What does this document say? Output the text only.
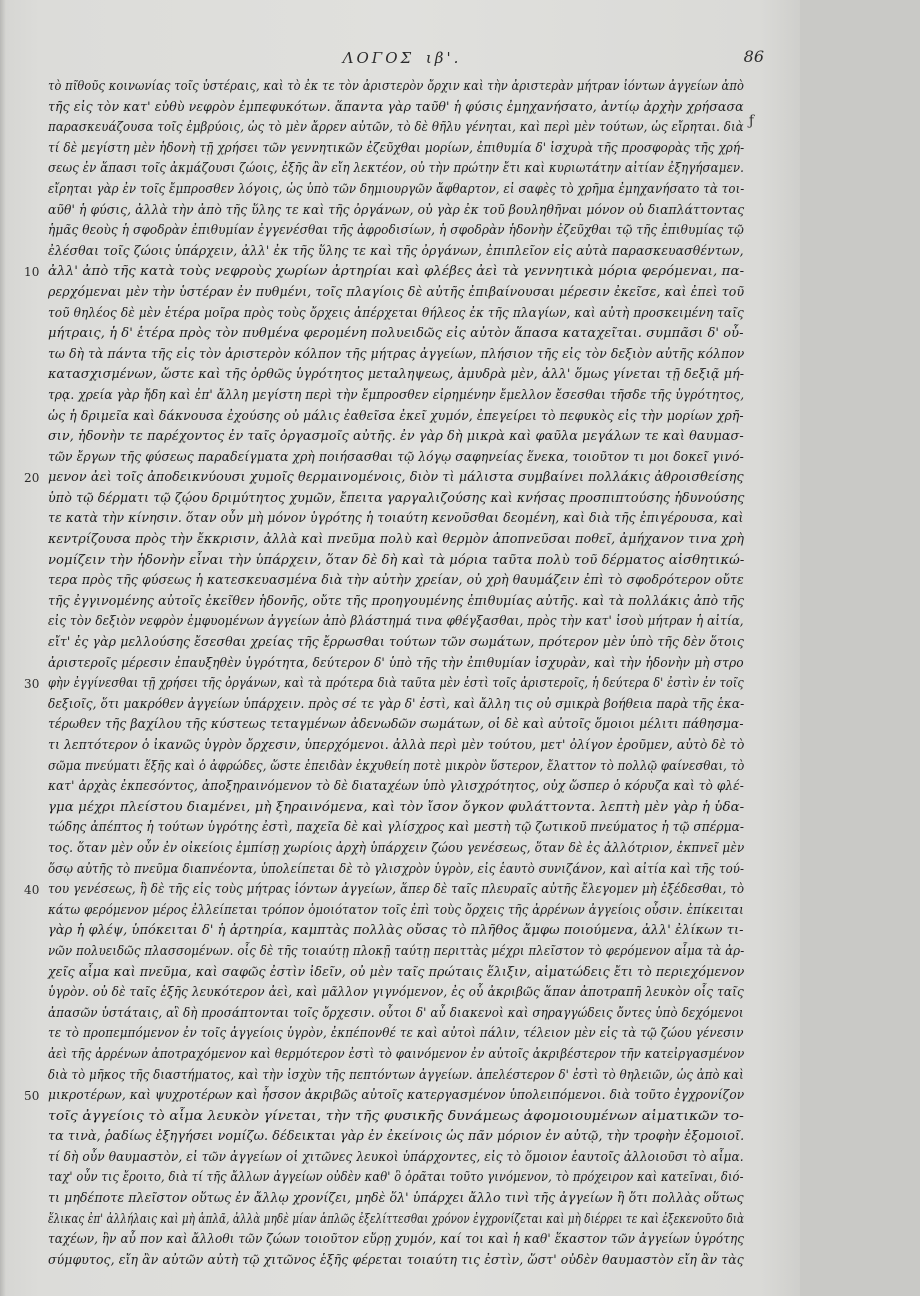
ΛΟΓΟΣ ιβ'.	86
ƒ
τὸ πῖθοῦς κοινωνίας τοῖς ὑστέραις, καὶ τὸ ἐκ τε τὸν ἀριστερὸν ὄρχιν καὶ τὴν ἀριστερὰν μήτραν ἰόντων ἀγγείων ἀπὸ
τῆς εἰς τὸν κατ' εὐθὺ νεφρὸν ἐμπεφυκότων. ἅπαντα γὰρ ταῦθ' ἡ φύσις ἐμηχανήσατο, ἀντίῳ ἀρχὴν χρήσασα
παρασκευάζουσα τοῖς ἐμβρύοις, ὡς τὸ μὲν ἄρρεν αὐτῶν, τὸ δὲ θῆλυ γένηται, καὶ περὶ μὲν τούτων, ὡς εἴρηται. διὰ
τί δὲ μεγίστη μὲν ἡδονὴ τῇ χρήσει τῶν γεννητικῶν ἐζεῦχθαι μορίων, ἐπιθυμία δ' ἰσχυρὰ τῆς προσφορὰς τῆς χρή-
σεως ἐν ἅπασι τοῖς ἀκμάζουσι ζώοις, ἐξῆς ἂν εἴη λεκτέον, οὐ τὴν πρώτην ἔτι καὶ κυριωτάτην αἰτίαν ἐξηγήσαμεν.
εἴρηται γὰρ ἐν τοῖς ἔμπροσθεν λόγοις, ὡς ὑπὸ τῶν δημιουργῶν ἄφθαρτον, εἰ σαφὲς τὸ χρῆμα ἐμηχανήσατο τὰ τοι-
αῦθ' ἡ φύσις, ἀλλὰ τὴν ἀπὸ τῆς ὕλης τε καὶ τῆς ὀργάνων, οὐ γὰρ ἐκ τοῦ βουληθῆναι μόνον οὐ διαπλάττοντας
ἡμᾶς θεοὺς ἡ σφοδρὰν ἐπιθυμίαν ἐγγενέσθαι τῆς ἀφροδισίων, ἡ σφοδρὰν ἡδονὴν ἐζεῦχθαι τῷ τῆς ἐπιθυμίας τῷ
ἐλέσθαι τοῖς ζώοις ὑπάρχειν, ἀλλ' ἐκ τῆς ὕλης τε καὶ τῆς ὀργάνων, ἐπιπλεῖον εἰς αὐτὰ παρασκευασθέντων,
10 ἀλλ' ἀπὸ τῆς κατὰ τοὺς νεφροὺς χωρίων ἀρτηρίαι καὶ φλέβες ἀεὶ τὰ γεννητικὰ μόρια φερόμεναι, πα-
ρερχόμεναι μὲν τὴν ὑστέραν ἐν πυθμένι, τοῖς πλαγίοις δὲ αὐτῆς ἐπιβαίνουσαι μέρεσιν ἐκεῖσε, καὶ ἐπεὶ τοῦ
τοῦ θηλέος δὲ μὲν ἑτέρα μοῖρα πρὸς τοὺς ὄρχεις ἀπέρχεται θήλεος ἐκ τῆς πλαγίων, καὶ αὐτὴ προσκειμένη ταῖς
μήτραις, ἡ δ' ἑτέρα πρὸς τὸν πυθμένα φερομένη πολυειδῶς εἰς αὐτὸν ἅπασα καταχεῖται. συμπᾶσι δ' οὖ-
τω δὴ τὰ πάντα τῆς εἰς τὸν ἀριστερὸν κόλπον τῆς μήτρας ἀγγείων, πλήσιον τῆς εἰς τὸν δεξιὸν αὐτῆς κόλπον
κατασχισμένων, ὥστε καὶ τῆς ὀρθῶς ὑγρότητος μεταληψεως, ἀμυδρὰ μὲν, ἀλλ' ὅμως γίνεται τῇ δεξιᾷ μή-
τρᾳ. χρεία γὰρ ἤδη καὶ ἐπ' ἄλλη μεγίστη περὶ τὴν ἔμπροσθεν εἰρημένην ἔμελλον ἔσεσθαι τῆσδε τῆς ὑγρότητος,
ὡς ἡ δριμεῖα καὶ δάκνουσα ἐχούσης οὐ μάλις ἐαθεῖσα ἐκεῖ χυμόν, ἐπεγείρει τὸ πεφυκὸς εἰς τὴν μορίων χρῆ-
σιν, ἡδονὴν τε παρέχοντος ἐν ταῖς ὀργασμοῖς αὐτῆς. ἐν γὰρ δὴ μικρὰ καὶ φαῦλα μεγάλων τε καὶ θαυμασ-
τῶν ἔργων τῆς φύσεως παραδείγματα χρὴ ποιήσασθαι τῷ λόγῳ σαφηνείας ἕνεκα, τοιοῦτον τι μοι δοκεῖ γινό-
20 μενον ἀεὶ τοῖς ἀποδεικνύουσι χυμοῖς θερμαινομένοις, διὸν τὶ μάλιστα συμβαίνει πολλάκις ἀθροισθείσης
ὑπὸ τῷ δέρματι τῷ ζῴου δριμύτητος χυμῶν, ἔπειτα γαργαλιζούσης καὶ κνήσας προσπιπτούσης ἡδυνούσης
τε κατὰ τὴν κίνησιν. ὅταν οὖν μὴ μόνον ὑγρότης ἡ τοιαύτη κενοῦσθαι δεομένη, καὶ διὰ τῆς ἐπιγέρουσα, καὶ
κεντρίζουσα πρὸς τὴν ἔκκρισιν, ἀλλὰ καὶ πνεῦμα πολὺ καὶ θερμὸν ἀποπνεῦσαι ποθεῖ, ἀμήχανον τινα χρὴ
νομίζειν τὴν ἡδονὴν εἶναι τὴν ὑπάρχειν, ὅταν δὲ δὴ καὶ τὰ μόρια ταῦτα πολὺ τοῦ δέρματος αἰσθητικώ-
τερα πρὸς τῆς φύσεως ἡ κατεσκευασμένα διὰ τὴν αὐτὴν χρείαν, οὐ χρὴ θαυμάζειν ἐπὶ τὸ σφοδρότερον οὔτε
τῆς ἐγγινομένης αὐτοῖς ἐκεῖθεν ἡδονῆς, οὔτε τῆς προηγουμένης ἐπιθυμίας αὐτῆς. καὶ τὰ πολλάκις ἀπὸ τῆς
εἰς τὸν δεξιὸν νεφρὸν ἐμφυομένων ἀγγείων ἀπὸ βλάστημά τινα φθέγξασθαι, πρὸς τὴν κατ' ἰσοὺ μήτραν ἡ αἰτία,
εἴτ' ἐς γὰρ μελλούσης ἔσεσθαι χρείας τῆς ἔρρωσθαι τούτων τῶν σωμάτων, πρότερον μὲν ὑπὸ τῆς δὲν ὅτοις
ἀριστεροῖς μέρεσιν ἐπαυξηθὲν ὑγρότητα, δεύτερον δ' ὑπὸ τῆς τὴν ἐπιθυμίαν ἰσχυρὰν, καὶ τὴν ἡδονὴν μὴ στρο
30 φὴν ἐγγίνεσθαι τῇ χρήσει τῆς ὀργάνων, καὶ τὰ πρότερα διὰ ταῦτα μὲν ἐστὶ τοῖς ἀριστεροῖς, ἡ δεύτερα δ' ἐστὶν ἐν τοῖς
δεξιοῖς, ὅτι μακρόθεν ἀγγείων ὑπάρχειν. πρὸς σέ τε γὰρ δ' ἐστὶ, καὶ ἄλλη τις οὐ σμικρὰ βοήθεια παρὰ τῆς ἑκα-
τέρωθεν τῆς βαχίλου τῆς κύστεως τεταγμένων ἀδενωδῶν σωμάτων, οἱ δὲ καὶ αὐτοῖς ὅμοιοι μέλιτι πάθησμα-
τι λεπτότερον ὁ ἰκανῶς ὑγρὸν ὄρχεσιν, ὑπερχόμενοι. ἀλλὰ περὶ μὲν τούτου, μετ' ὀλίγον ἐροῦμεν, αὐτὸ δὲ τὸ
σῶμα πνεύματι ἕξῆς καὶ ὁ ἀφρώδες, ὥστε ἐπειδὰν ἐκχυθείη ποτὲ μικρὸν ὕστερον, ἔλαττον τὸ πολλῷ φαίνεσθαι, τὸ
κατ' ἀρχὰς ἐκπεσόντος, ἀποξηραινόμενον τὸ δὲ διαταχέων ὑπὸ γλισχρότητος, οὐχ ὥσπερ ὁ κόρυζα καὶ τὸ φλέ-
γμα μέχρι πλείστου διαμένει, μὴ ξηραινόμενα, καὶ τὸν ἴσον ὄγκον φυλάττοντα. λεπτὴ μὲν γὰρ ἡ ὑδα-
τώδης ἀπέπτος ἡ τούτων ὑγρότης ἐστὶ, παχεῖα δὲ καὶ γλίσχρος καὶ μεστὴ τῷ ζωτικοῦ πνεύματος ἡ τῷ σπέρμα-
τος. ὅταν μὲν οὖν ἐν οἰκείοις ἐμπίσῃ χωρίοις ἀρχὴ ὑπάρχειν ζώου γενέσεως, ὅταν δὲ ἐς ἀλλότριον, ἐκπνεῖ μὲν
ὅσῳ αὐτῆς τὸ πνεῦμα διαπνέοντα, ὑπολείπεται δὲ τὸ γλισχρὸν ὑγρὸν, εἰς ἑαυτὸ συνιζάνον, καὶ αἰτία καὶ τῆς τού-
40 του γενέσεως, ἢ δὲ τῆς εἰς τοὺς μήτρας ἰόντων ἀγγείων, ἅπερ δὲ ταῖς πλευραῖς αὐτῆς ἔλεγομεν μὴ ἐξέδεσθαι, τὸ
κάτω φερόμενον μέρος ἐλλείπεται τρόπον ὁμοιότατον τοῖς ἐπὶ τοὺς ὄρχεις τῆς ἀρρένων ἀγγείοις οὖσιν. ἐπίκειται
γὰρ ἡ φλέψ, ὑπόκειται δ' ἡ ἀρτηρία, καμπτὰς πολλὰς οὔσας τὸ πλῆθος ἄμφω ποιούμενα, ἀλλ' ἐλίκων τι-
νῶν πολυειδῶς πλασσομένων. οἷς δὲ τῆς τοιαύτῃ πλοκῇ ταύτῃ περιττὰς μέχρι πλεῖστον τὸ φερόμενον αἷμα τὰ ἀρ-
χεῖς αἷμα καὶ πνεῦμα, καὶ σαφῶς ἐστὶν ἰδεῖν, οὐ μὲν ταῖς πρώταις ἕλιξιν, αἱματώδεις ἔτι τὸ περιεχόμενον
ὑγρὸν. οὐ δὲ ταῖς ἑξῆς λευκότερον ἀεὶ, καὶ μᾶλλον γιγνόμενον, ἐς οὗ ἀκριβῶς ἅπαν ἀποτραπῆ λευκὸν οἷς ταῖς
ἀπασῶν ὑστάταις, αἳ δὴ προσάπτονται τοῖς ὄρχεσιν. οὗτοι δ' αὖ διακενοὶ καὶ σηραγγώδεις ὄντες ὑπὸ δεχόμενοι
τε τὸ προπεμπόμενον ἐν τοῖς ἀγγείοις ὑγρὸν, ἐκπέπονθέ τε καὶ αὐτοὶ πάλιν, τέλειον μὲν εἰς τὰ τῷ ζώου γένεσιν
ἀεὶ τῆς ἀρρένων ἀποτραχόμενον καὶ θερμότερον ἐστὶ τὸ φαινόμενον ἐν αὐτοῖς ἀκριβέστερον τῆν κατεἰργασμένον
διὰ τὸ μῆκος τῆς διαστήματος, καὶ τὴν ἰσχὺν τῆς πεπτόντων ἀγγείων. ἀπελέστερον δ' ἐστὶ τὸ θηλειῶν, ὡς ἀπὸ καὶ
50 μικροτέρων, καὶ ψυχροτέρων καὶ ἧσσον ἀκριβῶς αὐτοῖς κατεργασμένον ὑπολειπόμενοι. διὰ τοῦτο ἐγχρονίζον
τοῖς ἀγγείοις τὸ αἷμα λευκὸν γίνεται, τὴν τῆς φυσικῆς δυνάμεως ἀφομοιουμένων αἱματικῶν το-
τα τινὰ, ῥαδίως ἐξηγήσει νομίζω. δέδεικται γὰρ ἐν ἐκείνοις ὡς πᾶν μόριον ἐν αὐτῷ, τὴν τροφὴν ἐξομοιοῖ.
τί δὴ οὖν θαυμαστὸν, εἰ τῶν ἀγγείων οἱ χιτῶνες λευκοὶ ὑπάρχοντες, εἰς τὸ ὅμοιον ἑαυτοῖς ἀλλοιοῦσι τὸ αἷμα.
ταχ' οὖν τις ἔροιτο, διὰ τί τῆς ἄλλων ἀγγείων οὐδὲν καθ' ὃ ὁρᾶται τοῦτο γινόμενον, τὸ πρόχειρον καὶ κατεῖναι, διό-
τι μηδέποτε πλεῖστον οὕτως ἐν ἄλλῳ χρονίζει, μηδὲ ὅλ' ὑπάρχει ἄλλο τινὶ τῆς ἀγγείων ἢ ὅτι πολλὰς οὕτως
ἕλικας ἐπ' ἀλλήλαις καὶ μὴ ἁπλᾶ, ἀλλὰ μηδὲ μίαν ἁπλῶς ἐξελίττεσθαι χρόνον ἐγχρονίζεται καὶ μὴ διέρρει τε καὶ ἐξεκενοῦτο διὰ
ταχέων, ἣν αὖ πον καὶ ἄλλοθι τῶν ζώων τοιοῦτον εὕρῃ χυμόν, καί τοι καὶ ἡ καθ' ἕκαστον τῶν ἀγγείων ὑγρότης
σύμφυτος, εἴη ἂν αὐτῶν αὐτὴ τῷ χιτῶνος ἑξῆς φέρεται τοιαύτη τις ἐστὶν, ὥστ' οὐδὲν θαυμαστὸν εἴη ἂν τὰς
